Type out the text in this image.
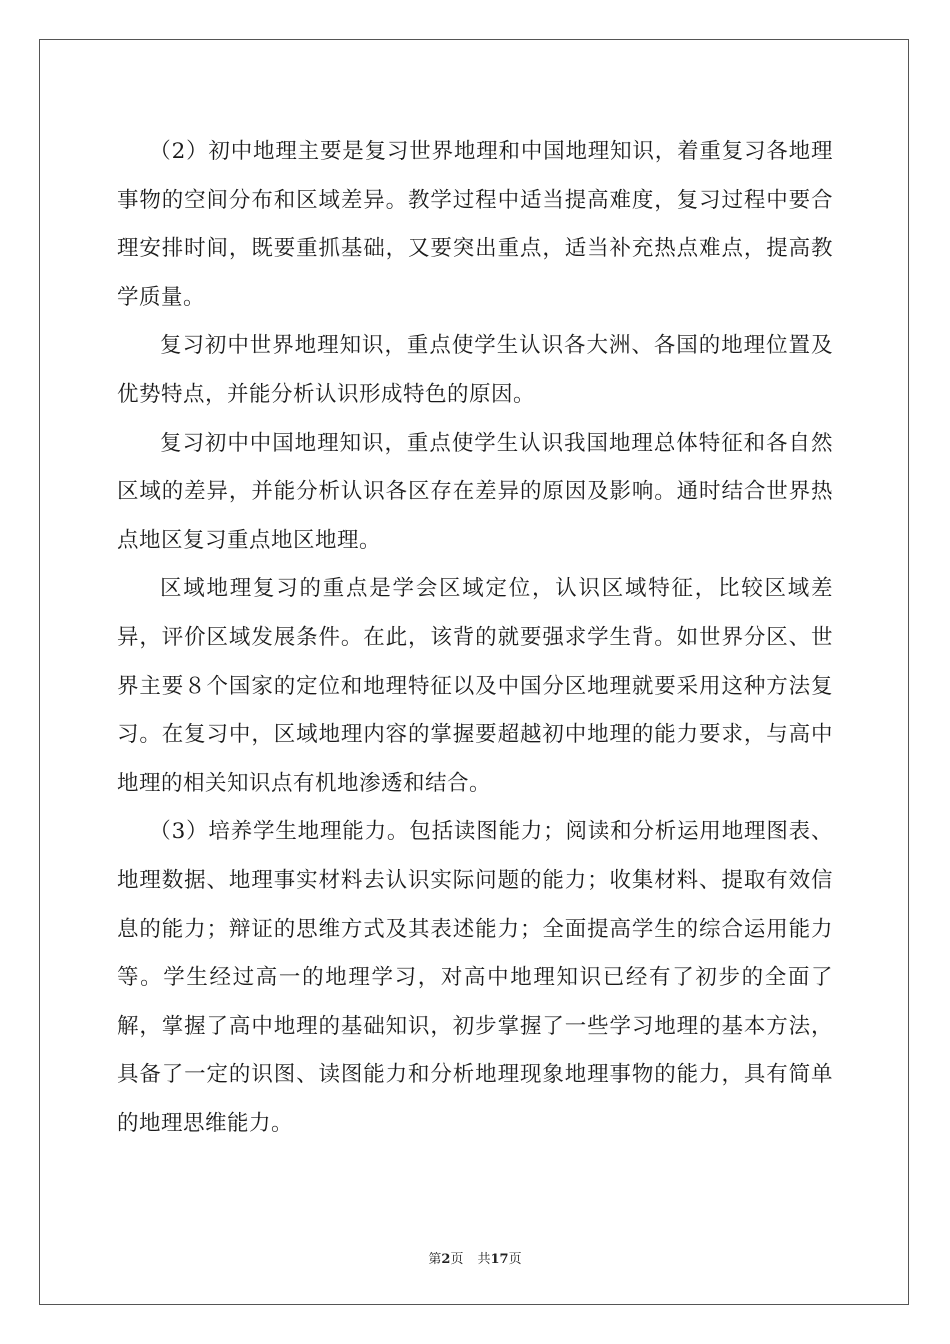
（2）初中地理主要是复习世界地理和中国地理知识，着重复习各地理事物的空间分布和区域差异。教学过程中适当提高难度，复习过程中要合理安排时间，既要重抓基础，又要突出重点，适当补充热点难点，提高教学质量。

复习初中世界地理知识，重点使学生认识各大洲、各国的地理位置及优势特点，并能分析认识形成特色的原因。

复习初中中国地理知识，重点使学生认识我国地理总体特征和各自然区域的差异，并能分析认识各区存在差异的原因及影响。通时结合世界热点地区复习重点地区地理。

区域地理复习的重点是学会区域定位，认识区域特征，比较区域差异，评价区域发展条件。在此，该背的就要强求学生背。如世界分区、世界主要８个国家的定位和地理特征以及中国分区地理就要采用这种方法复习。在复习中，区域地理内容的掌握要超越初中地理的能力要求，与高中地理的相关知识点有机地渗透和结合。

（3）培养学生地理能力。包括读图能力；阅读和分析运用地理图表、地理数据、地理事实材料去认识实际问题的能力；收集材料、提取有效信息的能力；辩证的思维方式及其表述能力；全面提高学生的综合运用能力等。学生经过高一的地理学习，对高中地理知识已经有了初步的全面了解，掌握了高中地理的基础知识，初步掌握了一些学习地理的基本方法，具备了一定的识图、读图能力和分析地理现象地理事物的能力，具有简单的地理思维能力。

第2页 共17页
